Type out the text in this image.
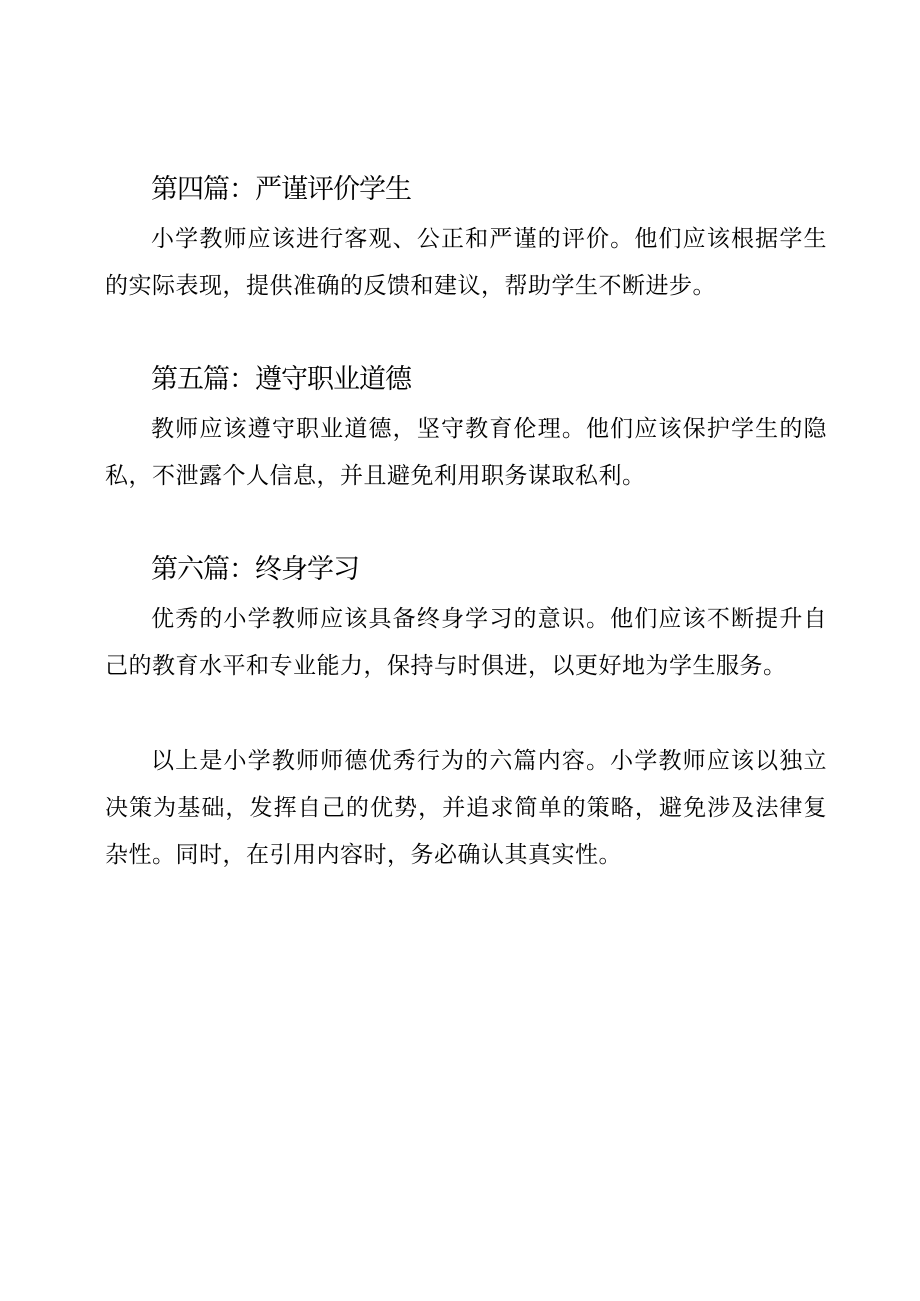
第四篇：严谨评价学生

小学教师应该进行客观、公正和严谨的评价。他们应该根据学生的实际表现，提供准确的反馈和建议，帮助学生不断进步。

第五篇：遵守职业道德

教师应该遵守职业道德，坚守教育伦理。他们应该保护学生的隐私，不泄露个人信息，并且避免利用职务谋取私利。

第六篇：终身学习

优秀的小学教师应该具备终身学习的意识。他们应该不断提升自己的教育水平和专业能力，保持与时俱进，以更好地为学生服务。

以上是小学教师师德优秀行为的六篇内容。小学教师应该以独立决策为基础，发挥自己的优势，并追求简单的策略，避免涉及法律复杂性。同时，在引用内容时，务必确认其真实性。
